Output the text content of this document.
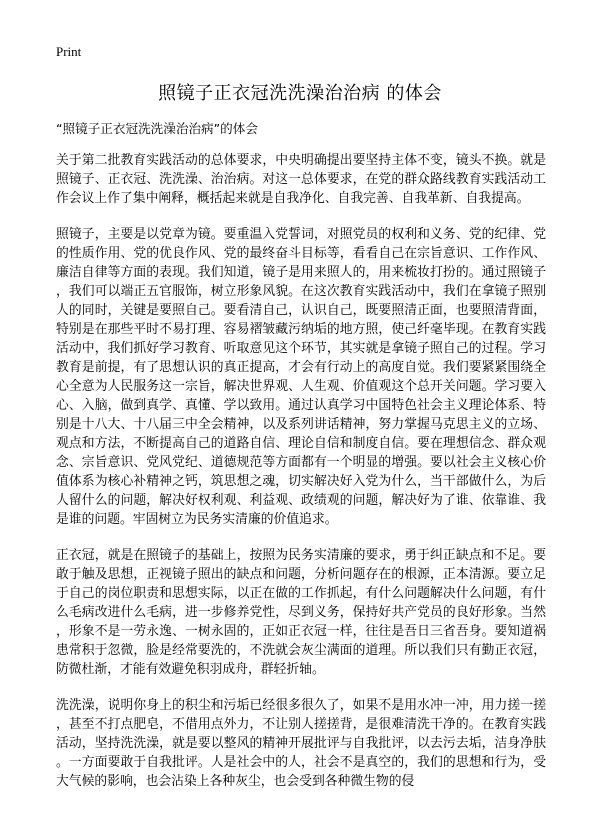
Print
照镜子正衣冠洗洗澡治治病 的体会

“照镜子正衣冠洗洗澡治治病”的体会

关于第二批教育实践活动的总体要求，中央明确提出要坚持主体不变，镜头不换。就是照镜子、正衣冠、洗洗澡、治治病。对这一总体要求，在党的群众路线教育实践活动工作会议上作了集中阐释，概括起来就是自我净化、自我完善、自我革新、自我提高。

照镜子，主要是以党章为镜。要重温入党誓词，对照党员的权利和义务、党的纪律、党的性质作用、党的优良作风、党的最终奋斗目标等，看看自己在宗旨意识、工作作风、廉洁自律等方面的表现。我们知道，镜子是用来照人的，用来梳妆打扮的。通过照镜子，我们可以端正五官服饰，树立形象风貌。在这次教育实践活动中，我们在拿镜子照别人的同时，关键是要照自己。要看清自己，认识自己，既要照清正面，也要照清背面，特别是在那些平时不易打理、容易褶皱藏污纳垢的地方照，使己纤毫毕现。在教育实践活动中，我们抓好学习教育、听取意见这个环节，其实就是拿镜子照自己的过程。学习教育是前提，有了思想认识的真正提高，才会有行动上的高度自觉。我们要紧紧围绕全心全意为人民服务这一宗旨，解决世界观、人生观、价值观这个总开关问题。学习要入心、入脑，做到真学、真懂、学以致用。通过认真学习中国特色社会主义理论体系、特别是十八大、十八届三中全会精神，以及系列讲话精神，努力掌握马克思主义的立场、观点和方法，不断提高自己的道路自信、理论自信和制度自信。要在理想信念、群众观念、宗旨意识、党风党纪、道德规范等方面都有一个明显的增强。要以社会主义核心价值体系为核心补精神之钙，筑思想之魂，切实解决好入党为什么，当干部做什么，为后人留什么的问题，解决好权利观、利益观、政绩观的问题，解决好为了谁、依靠谁、我是谁的问题。牢固树立为民务实清廉的价值追求。

正衣冠，就是在照镜子的基础上，按照为民务实清廉的要求，勇于纠正缺点和不足。要敢于触及思想，正视镜子照出的缺点和问题，分析问题存在的根源，正本清源。要立足于自己的岗位职责和思想实际，以正在做的工作抓起，有什么问题解决什么问题，有什么毛病改进什么毛病，进一步修养党性，尽到义务，保持好共产党员的良好形象。当然，形象不是一劳永逸、一树永固的，正如正衣冠一样，往往是吾日三省吾身。要知道祸患常积于忽微，脸是经常要洗的，不洗就会灰尘满面的道理。所以我们只有勤正衣冠，防微杜渐，才能有效避免积羽成舟，群轻折轴。

洗洗澡，说明你身上的积尘和污垢已经很多很久了，如果不是用水冲一冲，用力搓一搓，甚至不打点肥皂，不借用点外力，不让别人搓搓背，是很难清洗干净的。在教育实践活动，坚持洗洗澡，就是要以整风的精神开展批评与自我批评，以去污去垢，洁身净肤。一方面要敢于自我批评。人是社会中的人，社会不是真空的，我们的思想和行为，受大气候的影响，也会沾染上各种灰尘，也会受到各种微生物的侵
